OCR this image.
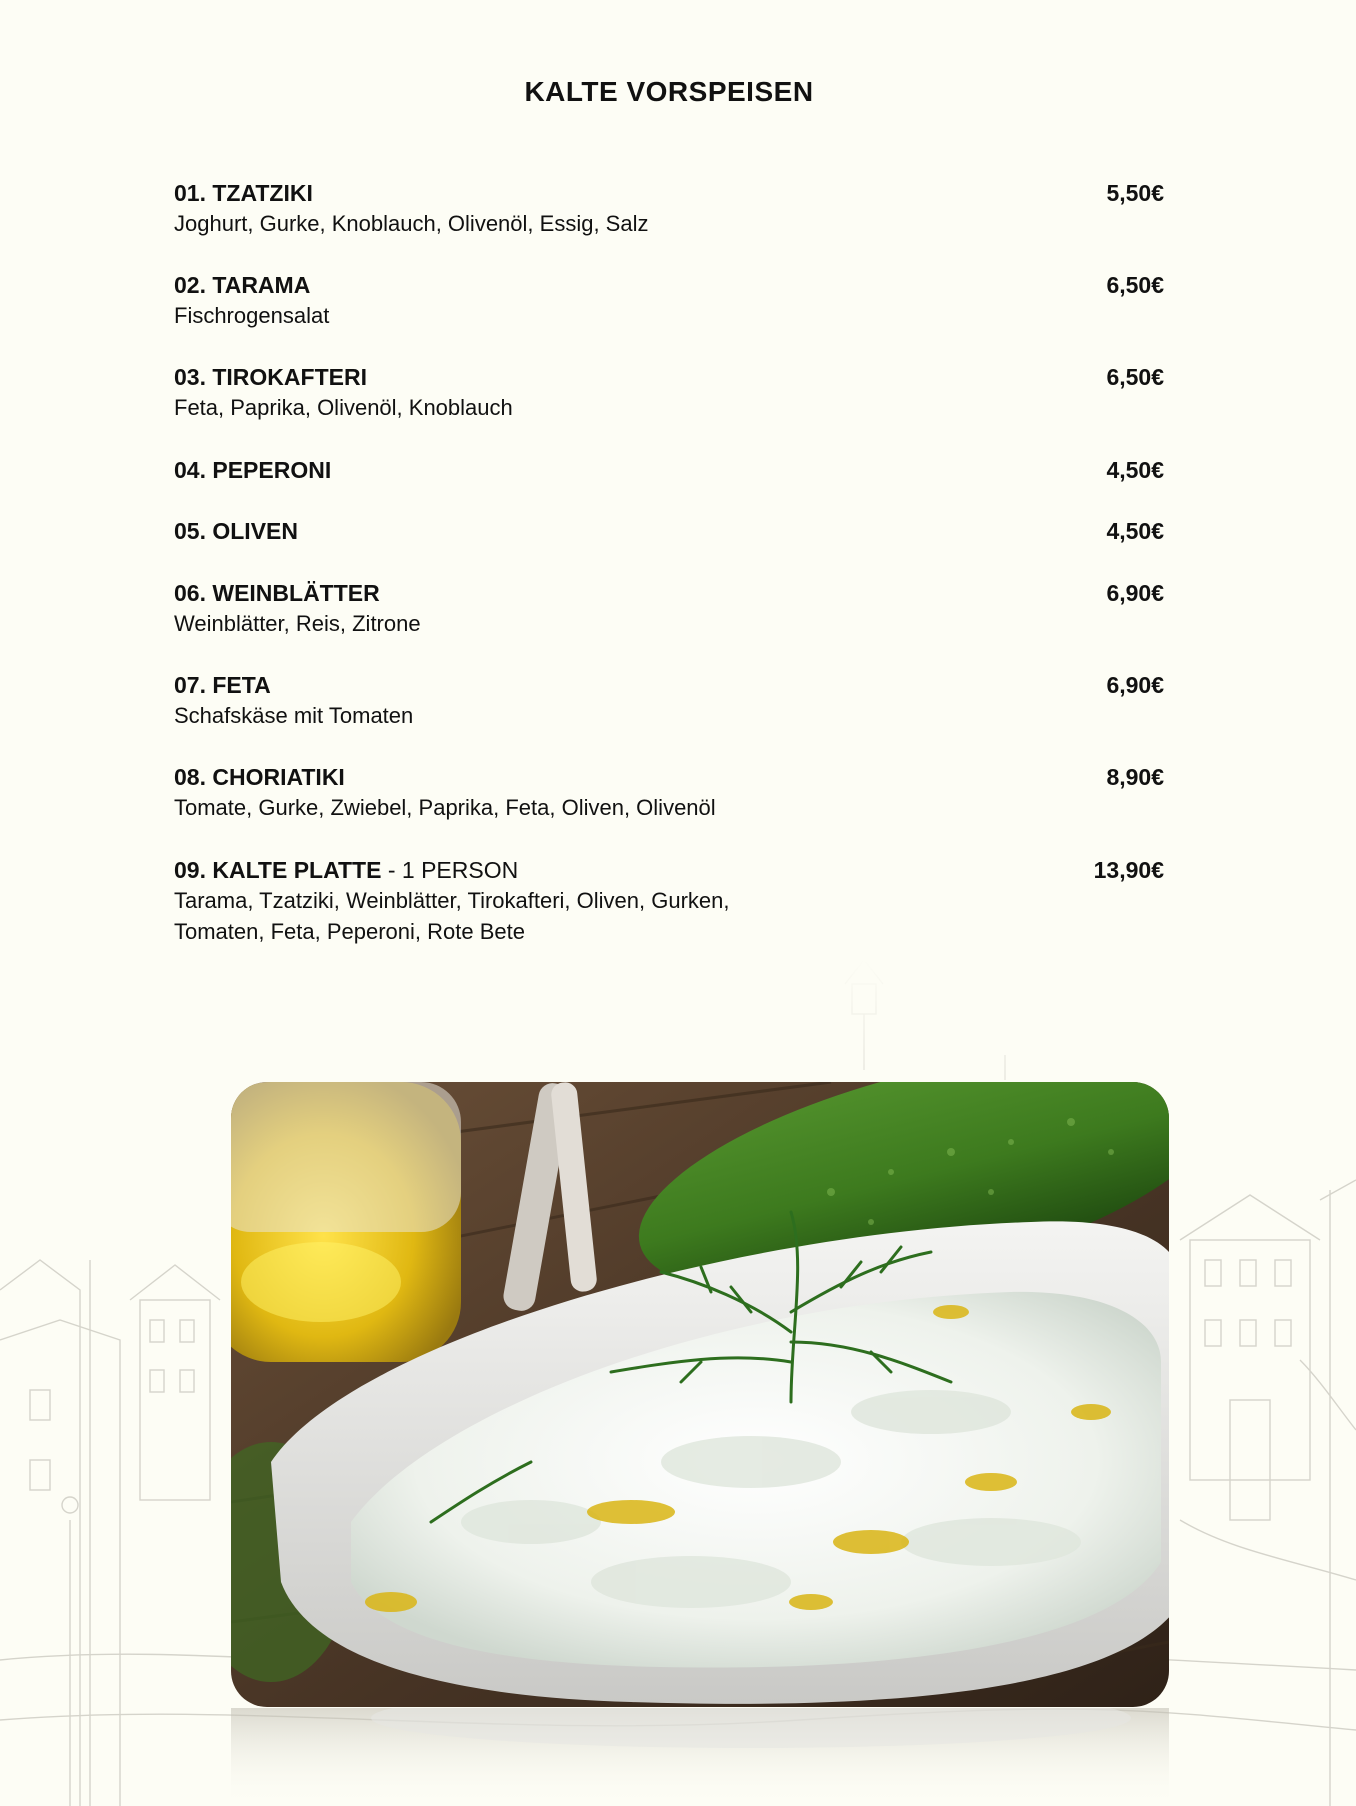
KALTE VORSPEISEN
01. TZATZIKI	5,50€
Joghurt, Gurke, Knoblauch, Olivenöl, Essig, Salz
02. TARAMA	6,50€
Fischrogensalat
03. TIROKAFTERI	6,50€
Feta, Paprika, Olivenöl, Knoblauch
04. PEPERONI	4,50€
05. OLIVEN	4,50€
06. WEINBLÄTTER	6,90€
Weinblätter, Reis, Zitrone
07. FETA	6,90€
Schafskäse mit Tomaten
08. CHORIATIKI	8,90€
Tomate, Gurke, Zwiebel, Paprika, Feta, Oliven, Olivenöl
09. KALTE PLATTE - 1 PERSON	13,90€
Tarama, Tzatziki, Weinblätter, Tirokafteri, Oliven, Gurken,
Tomaten, Feta, Peperoni, Rote Bete
